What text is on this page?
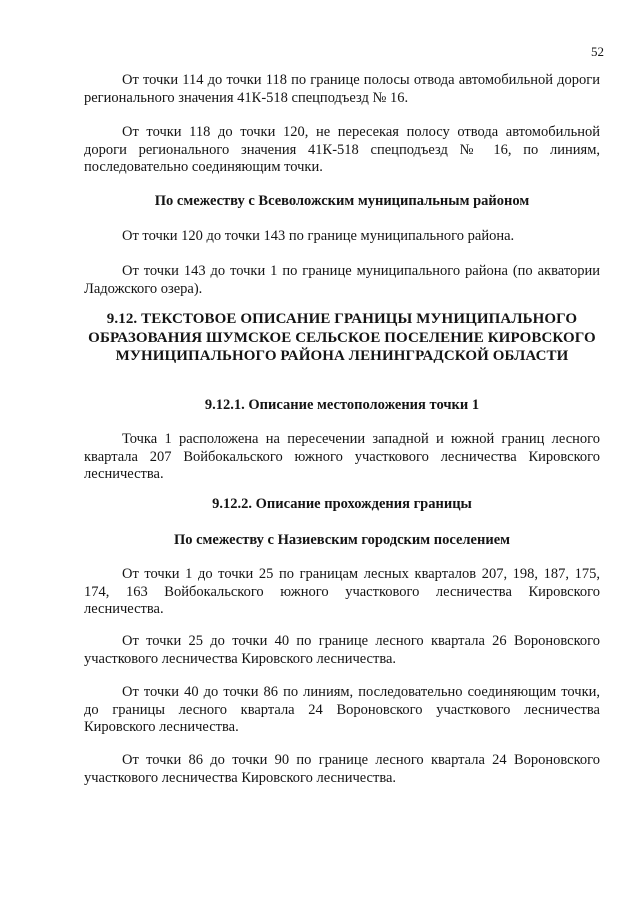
52

От точки 114 до точки 118 по границе полосы отвода автомобильной дороги регионального значения 41К-518 спецподъезд № 16.

От точки 118 до точки 120, не пересекая полосу отвода автомобильной дороги регионального значения 41К-518 спецподъезд № 16, по линиям, последовательно соединяющим точки.

По смежеству с Всеволожским муниципальным районом

От точки 120 до точки 143 по границе муниципального района.

От точки 143 до точки 1 по границе муниципального района (по акватории Ладожского озера).

9.12. ТЕКСТОВОЕ ОПИСАНИЕ ГРАНИЦЫ МУНИЦИПАЛЬНОГО ОБРАЗОВАНИЯ ШУМСКОЕ СЕЛЬСКОЕ ПОСЕЛЕНИЕ КИРОВСКОГО МУНИЦИПАЛЬНОГО РАЙОНА ЛЕНИНГРАДСКОЙ ОБЛАСТИ

9.12.1. Описание местоположения точки 1

Точка 1 расположена на пересечении западной и южной границ лесного квартала 207 Войбокальского южного участкового лесничества Кировского лесничества.

9.12.2. Описание прохождения границы

По смежеству с Назиевским городским поселением

От точки 1 до точки 25 по границам лесных кварталов 207, 198, 187, 175, 174, 163 Войбокальского южного участкового лесничества Кировского лесничества.

От точки 25 до точки 40 по границе лесного квартала 26 Вороновского участкового лесничества Кировского лесничества.

От точки 40 до точки 86 по линиям, последовательно соединяющим точки, до границы лесного квартала 24 Вороновского участкового лесничества Кировского лесничества.

От точки 86 до точки 90 по границе лесного квартала 24 Вороновского участкового лесничества Кировского лесничества.
